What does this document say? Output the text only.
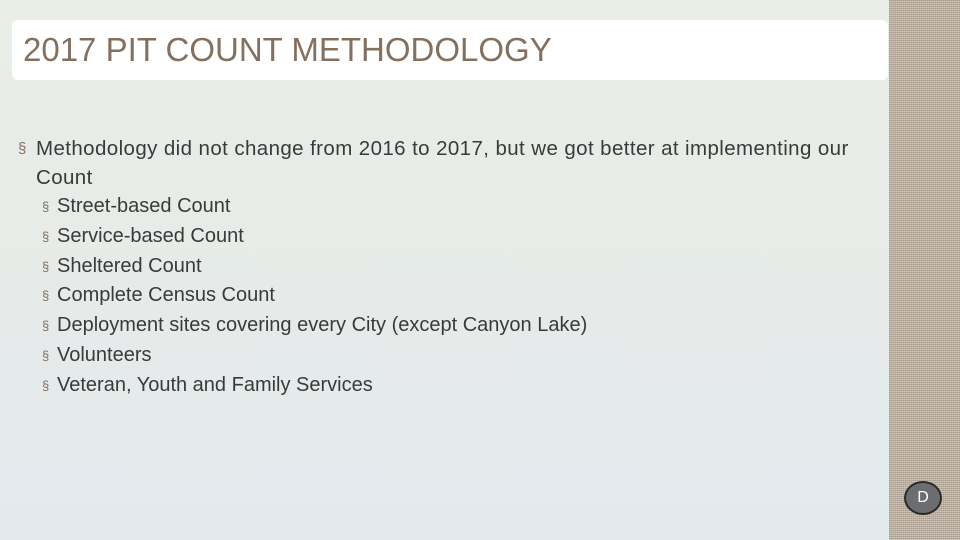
2017 PIT COUNT METHODOLOGY
§ Methodology did not change from 2016 to 2017, but we got better at implementing our Count
§ Street-based Count
§ Service-based Count
§ Sheltered Count
§ Complete Census Count
§ Deployment sites covering every City (except Canyon Lake)
§ Volunteers
§ Veteran, Youth and Family Services
D
